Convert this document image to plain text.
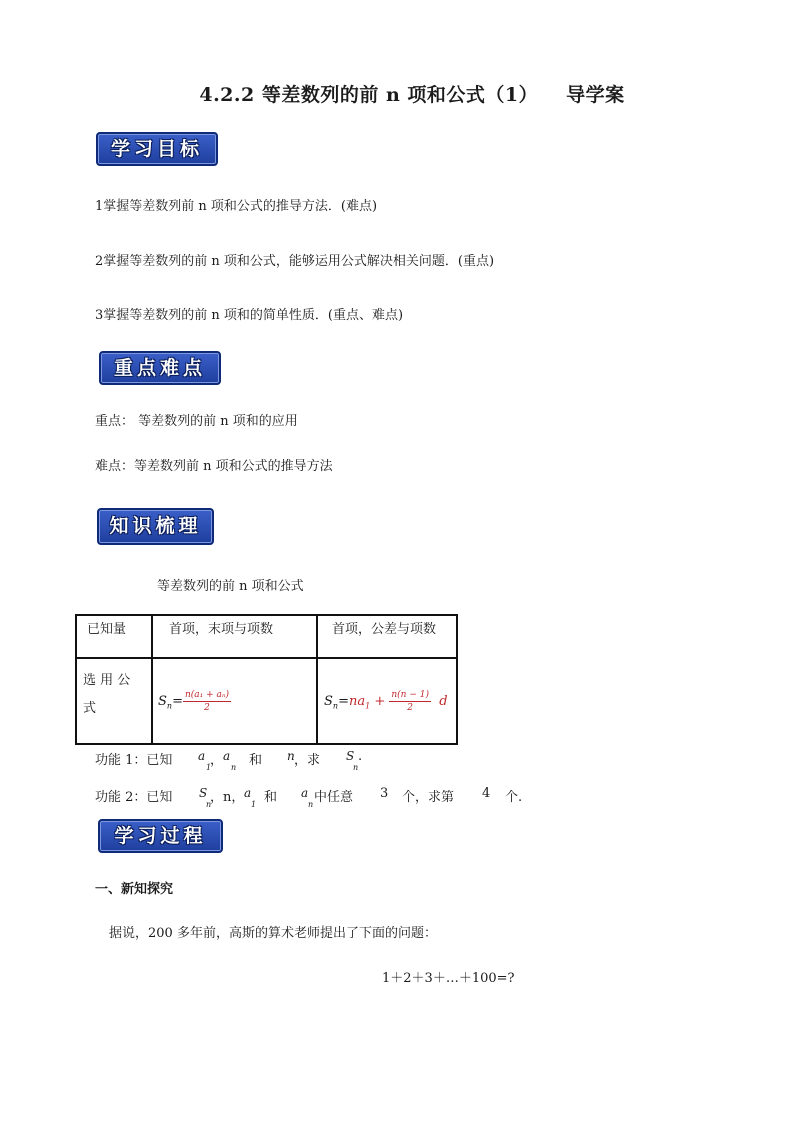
4.2.2 等差数列的前 n 项和公式（1） 导学案
学习目标
1掌握等差数列前 n 项和公式的推导方法．(难点)
2掌握等差数列的前 n 项和公式，能够运用公式解决相关问题．(重点)
3掌握等差数列的前 n 项和的简单性质．(重点、难点)
重点难点
重点： 等差数列的前 n 项和的应用
难点：等差数列前 n 项和公式的推导方法
知识梳理
等差数列的前 n 项和公式
已知量	首项，末项与项数	首项，公差与项数
选 用 公 式	$S_n= \frac{\text{n(a₁ + aₙ)}}{2}$	$S_n=na_1 + \frac{n(n - 1)}{2}$ d
功能 1：已知 a
1
， a
n 和 n ，求 S
n
.
功能 2：已知 S
n
，n， a
1 和 a
n 中任意 3 个，求第 4 个.
学习过程
一、新知探究
据说，200 多年前，高斯的算术老师提出了下面的问题：
1＋2＋3＋…＋100=?
